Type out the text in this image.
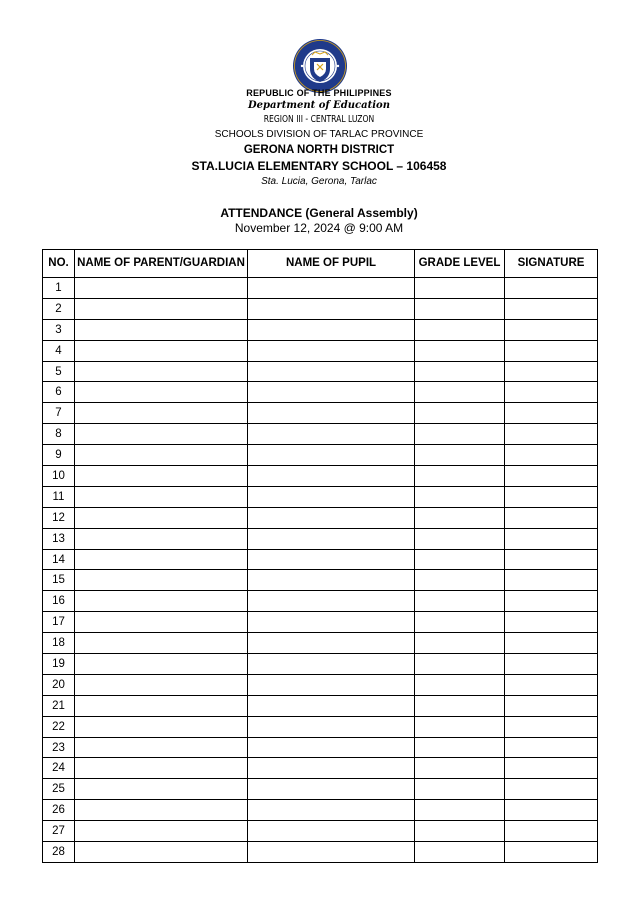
REPUBLIC OF THE PHILIPPINES
Department of Education
REGION III - CENTRAL LUZON
SCHOOLS DIVISION OF TARLAC PROVINCE
GERONA NORTH DISTRICT
STA.LUCIA ELEMENTARY SCHOOL – 106458
Sta. Lucia, Gerona, Tarlac
ATTENDANCE (General Assembly)
November 12, 2024 @ 9:00 AM
NO.	NAME OF PARENT/GUARDIAN	NAME OF PUPIL	GRADE LEVEL	SIGNATURE
1				
2				
3				
4				
5				
6				
7				
8				
9				
10				
11				
12				
13				
14				
15				
16				
17				
18				
19				
20				
21				
22				
23				
24				
25				
26				
27				
28				
